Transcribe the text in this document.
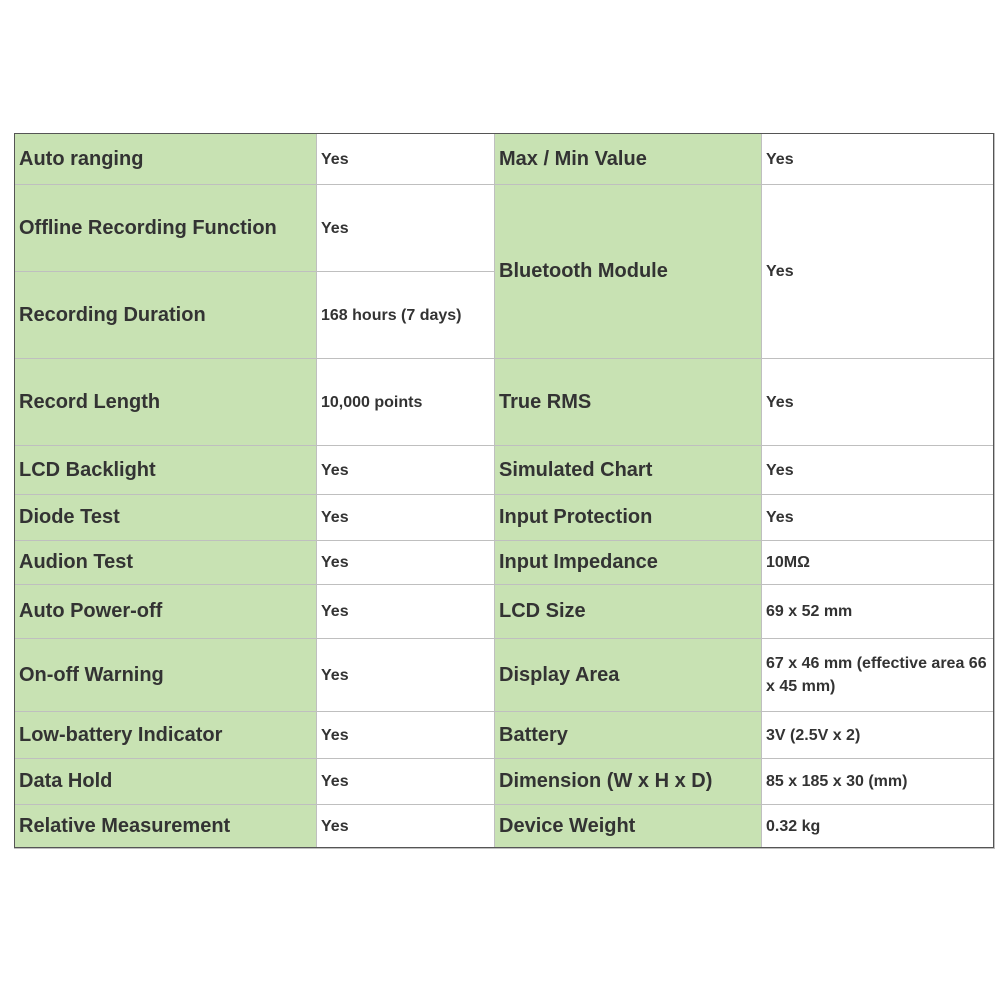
Auto ranging	Yes	Max / Min Value	Yes
Offline Recording Function	Yes	Bluetooth Module	Yes
Recording Duration	168 hours (7 days)		
Record Length	10,000 points	True RMS	Yes
LCD Backlight	Yes	Simulated Chart	Yes
Diode Test	Yes	Input Protection	Yes
Audion Test	Yes	Input Impedance	10MΩ
Auto Power-off	Yes	LCD Size	69 x 52 mm
On-off Warning	Yes	Display Area	67 x 46 mm (effective area 66 x 45 mm)
Low-battery Indicator	Yes	Battery	3V (2.5V x 2)
Data Hold	Yes	Dimension (W x H x D)	85 x 185 x 30 (mm)
Relative Measurement	Yes	Device Weight	0.32 kg
